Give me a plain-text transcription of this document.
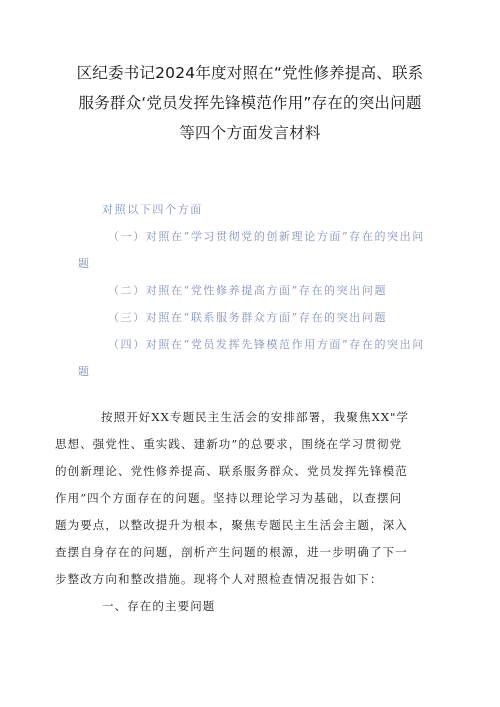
区纪委书记2024年度对照在“党性修养提高、联系
服务群众‘党员发挥先锋模范作用”存在的突出问题
等四个方面发言材料
对照以下四个方面
（一）对照在“学习贯彻党的创新理论方面”存在的突出问
题
（二）对照在“党性修养提高方面”存在的突出问题
（三）对照在“联系服务群众方面”存在的突出问题
（四）对照在“党员发挥先锋模范作用方面”存在的突出问
题
按照开好XX专题民主生活会的安排部署，我聚焦XX"学
思想、强党性、重实践、建新功”的总要求，围绕在学习贯彻党
的创新理论、党性修养提高、联系服务群众、党员发挥先锋模范
作用”四个方面存在的问题。坚持以理论学习为基础，以查摆问
题为要点，以整改提升为根本，聚焦专题民主生活会主题，深入
查摆自身存在的问题，剖析产生问题的根源，进一步明确了下一
步整改方向和整改措施。现将个人对照检查情况报告如下：
一、存在的主要问题
